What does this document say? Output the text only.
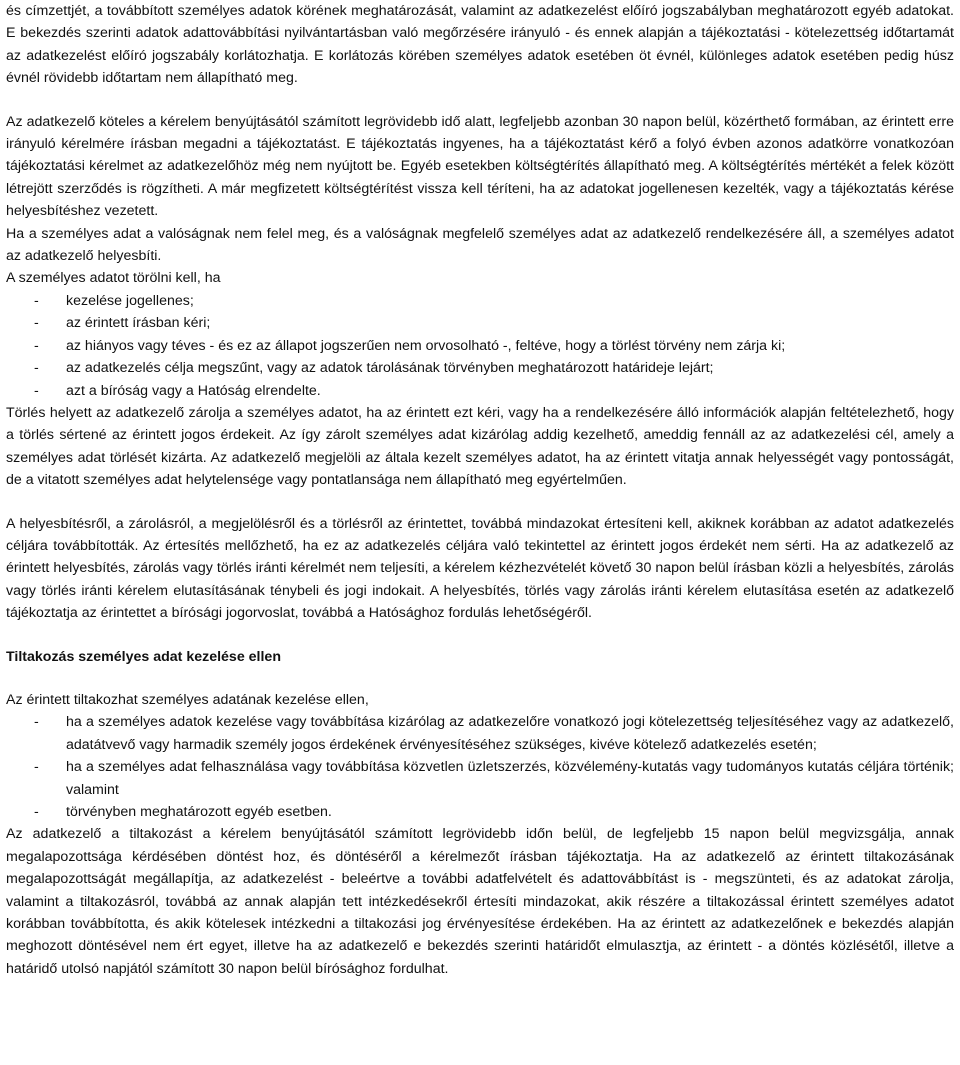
és címzettjét, a továbbított személyes adatok körének meghatározását, valamint az adatkezelést előíró jogszabályban meghatározott egyéb adatokat. E bekezdés szerinti adatok adattovábbítási nyilvántartásban való megőrzésére irányuló - és ennek alapján a tájékoztatási - kötelezettség időtartamát az adatkezelést előíró jogszabály korlátozhatja. E korlátozás körében személyes adatok esetében öt évnél, különleges adatok esetében pedig húsz évnél rövidebb időtartam nem állapítható meg.

Az adatkezelő köteles a kérelem benyújtásától számított legrövidebb idő alatt, legfeljebb azonban 30 napon belül, közérthető formában, az érintett erre irányuló kérelmére írásban megadni a tájékoztatást. E tájékoztatás ingyenes, ha a tájékoztatást kérő a folyó évben azonos adatkörre vonatkozóan tájékoztatási kérelmet az adatkezelőhöz még nem nyújtott be. Egyéb esetekben költségtérítés állapítható meg. A költségtérítés mértékét a felek között létrejött szerződés is rögzítheti. A már megfizetett költségtérítést vissza kell téríteni, ha az adatokat jogellenesen kezelték, vagy a tájékoztatás kérése helyesbítéshez vezetett.

Ha a személyes adat a valóságnak nem felel meg, és a valóságnak megfelelő személyes adat az adatkezelő rendelkezésére áll, a személyes adatot az adatkezelő helyesbíti.

A személyes adatot törölni kell, ha

- kezelése jogellenes;
- az érintett írásban kéri;
- az hiányos vagy téves - és ez az állapot jogszerűen nem orvosolható -, feltéve, hogy a törlést törvény nem zárja ki;
- az adatkezelés célja megszűnt, vagy az adatok tárolásának törvényben meghatározott határideje lejárt;
- azt a bíróság vagy a Hatóság elrendelte.

Törlés helyett az adatkezelő zárolja a személyes adatot, ha az érintett ezt kéri, vagy ha a rendelkezésére álló információk alapján feltételezhető, hogy a törlés sértené az érintett jogos érdekeit. Az így zárolt személyes adat kizárólag addig kezelhető, ameddig fennáll az az adatkezelési cél, amely a személyes adat törlését kizárta. Az adatkezelő megjelöli az általa kezelt személyes adatot, ha az érintett vitatja annak helyességét vagy pontosságát, de a vitatott személyes adat helytelensége vagy pontatlansága nem állapítható meg egyértelműen.

A helyesbítésről, a zárolásról, a megjelölésről és a törlésről az érintettet, továbbá mindazokat értesíteni kell, akiknek korábban az adatot adatkezelés céljára továbbították. Az értesítés mellőzhető, ha ez az adatkezelés céljára való tekintettel az érintett jogos érdekét nem sérti. Ha az adatkezelő az érintett helyesbítés, zárolás vagy törlés iránti kérelmét nem teljesíti, a kérelem kézhezvételét követő 30 napon belül írásban közli a helyesbítés, zárolás vagy törlés iránti kérelem elutasításának ténybeli és jogi indokait. A helyesbítés, törlés vagy zárolás iránti kérelem elutasítása esetén az adatkezelő tájékoztatja az érintettet a bírósági jogorvoslat, továbbá a Hatósághoz fordulás lehetőségéről.

Tiltakozás személyes adat kezelése ellen

Az érintett tiltakozhat személyes adatának kezelése ellen,

- ha a személyes adatok kezelése vagy továbbítása kizárólag az adatkezelőre vonatkozó jogi kötelezettség teljesítéséhez vagy az adatkezelő, adatátvevő vagy harmadik személy jogos érdekének érvényesítéséhez szükséges, kivéve kötelező adatkezelés esetén;
- ha a személyes adat felhasználása vagy továbbítása közvetlen üzletszerzés, közvélemény-kutatás vagy tudományos kutatás céljára történik; valamint
- törvényben meghatározott egyéb esetben.

Az adatkezelő a tiltakozást a kérelem benyújtásától számított legrövidebb időn belül, de legfeljebb 15 napon belül megvizsgálja, annak megalapozottsága kérdésében döntést hoz, és döntéséről a kérelmezőt írásban tájékoztatja. Ha az adatkezelő az érintett tiltakozásának megalapozottságát megállapítja, az adatkezelést - beleértve a további adatfelvételt és adattovábbítást is - megszünteti, és az adatokat zárolja, valamint a tiltakozásról, továbbá az annak alapján tett intézkedésekről értesíti mindazokat, akik részére a tiltakozással érintett személyes adatot korábban továbbította, és akik kötelesek intézkedni a tiltakozási jog érvényesítése érdekében. Ha az érintett az adatkezelőnek e bekezdés alapján meghozott döntésével nem ért egyet, illetve ha az adatkezelő e bekezdés szerinti határidőt elmulasztja, az érintett - a döntés közlésétől, illetve a határidő utolsó napjától számított 30 napon belül bírósághoz fordulhat.
